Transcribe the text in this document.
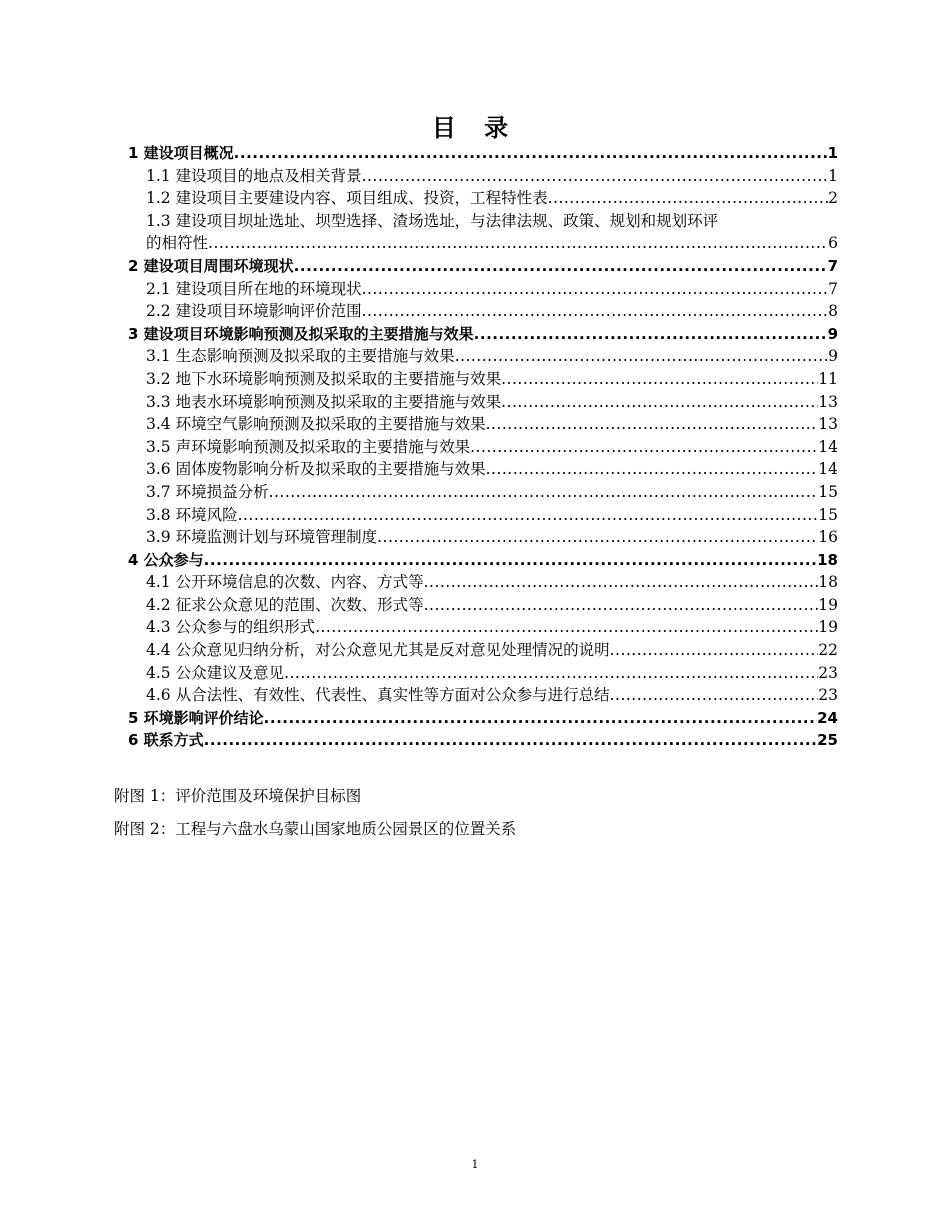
目 录
1 建设项目概况 .....	1
1.1 建设项目的地点及相关背景 .....	1
1.2 建设项目主要建设内容、项目组成、投资，工程特性表 .....	2
1.3 建设项目坝址选址、坝型选择、渣场选址，与法律法规、政策、规划和规划环评
的相符性 .....	6
2 建设项目周围环境现状 .....	7
2.1 建设项目所在地的环境现状 .....	7
2.2 建设项目环境影响评价范围 .....	8
3 建设项目环境影响预测及拟采取的主要措施与效果 .....	9
3.1 生态影响预测及拟采取的主要措施与效果 .....	9
3.2 地下水环境影响预测及拟采取的主要措施与效果 .....	11
3.3 地表水环境影响预测及拟采取的主要措施与效果 .....	13
3.4 环境空气影响预测及拟采取的主要措施与效果 .....	13
3.5 声环境影响预测及拟采取的主要措施与效果 .....	14
3.6 固体废物影响分析及拟采取的主要措施与效果 .....	14
3.7 环境损益分析 .....	15
3.8 环境风险 .....	15
3.9 环境监测计划与环境管理制度 .....	16
4 公众参与 .....	18
4.1 公开环境信息的次数、内容、方式等 .....	18
4.2 征求公众意见的范围、次数、形式等 .....	19
4.3 公众参与的组织形式 .....	19
4.4 公众意见归纳分析，对公众意见尤其是反对意见处理情况的说明 .....	22
4.5 公众建议及意见 .....	23
4.6 从合法性、有效性、代表性、真实性等方面对公众参与进行总结 .....	23
5 环境影响评价结论 .....	24
6 联系方式 .....	25
附图 1：评价范围及环境保护目标图
附图 2：工程与六盘水乌蒙山国家地质公园景区的位置关系
1
